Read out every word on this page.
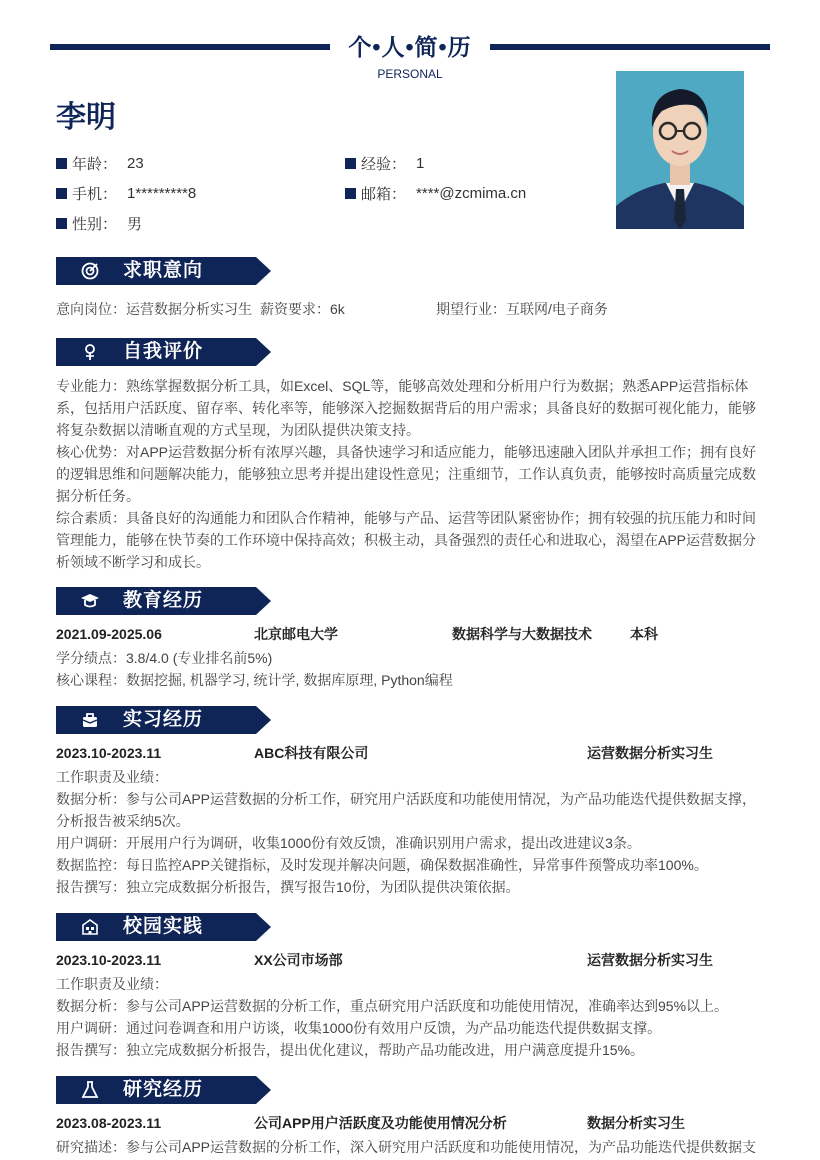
个•人•简•历
PERSONAL
李明
年龄： 23	经验： 1
手机： 1*********8	邮箱： ****@zcmima.cn
性别： 男
求职意向
意向岗位：运营数据分析实习生 薪资要求：6k	期望行业：互联网/电子商务
自我评价
专业能力：熟练掌握数据分析工具，如Excel、SQL等，能够高效处理和分析用户行为数据；熟悉APP运营指标体系，包括用户活跃度、留存率、转化率等，能够深入挖掘数据背后的用户需求；具备良好的数据可视化能力，能够将复杂数据以清晰直观的方式呈现，为团队提供决策支持。
核心优势：对APP运营数据分析有浓厚兴趣，具备快速学习和适应能力，能够迅速融入团队并承担工作；拥有良好的逻辑思维和问题解决能力，能够独立思考并提出建设性意见；注重细节，工作认真负责，能够按时高质量完成数据分析任务。
综合素质：具备良好的沟通能力和团队合作精神，能够与产品、运营等团队紧密协作；拥有较强的抗压能力和时间管理能力，能够在快节奏的工作环境中保持高效；积极主动，具备强烈的责任心和进取心，渴望在APP运营数据分析领域不断学习和成长。
教育经历
2021.09-2025.06	北京邮电大学	数据科学与大数据技术	本科
学分绩点：3.8/4.0 (专业排名前5%)
核心课程：数据挖掘, 机器学习, 统计学, 数据库原理, Python编程
实习经历
2023.10-2023.11	ABC科技有限公司	运营数据分析实习生
工作职责及业绩：
数据分析：参与公司APP运营数据的分析工作，研究用户活跃度和功能使用情况，为产品功能迭代提供数据支撑，分析报告被采纳5次。
用户调研：开展用户行为调研，收集1000份有效反馈，准确识别用户需求，提出改进建议3条。
数据监控：每日监控APP关键指标，及时发现并解决问题，确保数据准确性，异常事件预警成功率100%。
报告撰写：独立完成数据分析报告，撰写报告10份，为团队提供决策依据。
校园实践
2023.10-2023.11	XX公司市场部	运营数据分析实习生
工作职责及业绩：
数据分析：参与公司APP运营数据的分析工作，重点研究用户活跃度和功能使用情况，准确率达到95%以上。
用户调研：通过问卷调查和用户访谈，收集1000份有效用户反馈，为产品功能迭代提供数据支撑。
报告撰写：独立完成数据分析报告，提出优化建议，帮助产品功能改进，用户满意度提升15%。
研究经历
2023.08-2023.11	公司APP用户活跃度及功能使用情况分析	数据分析实习生
研究描述：参与公司APP运营数据的分析工作，深入研究用户活跃度和功能使用情况，为产品功能迭代提供数据支
